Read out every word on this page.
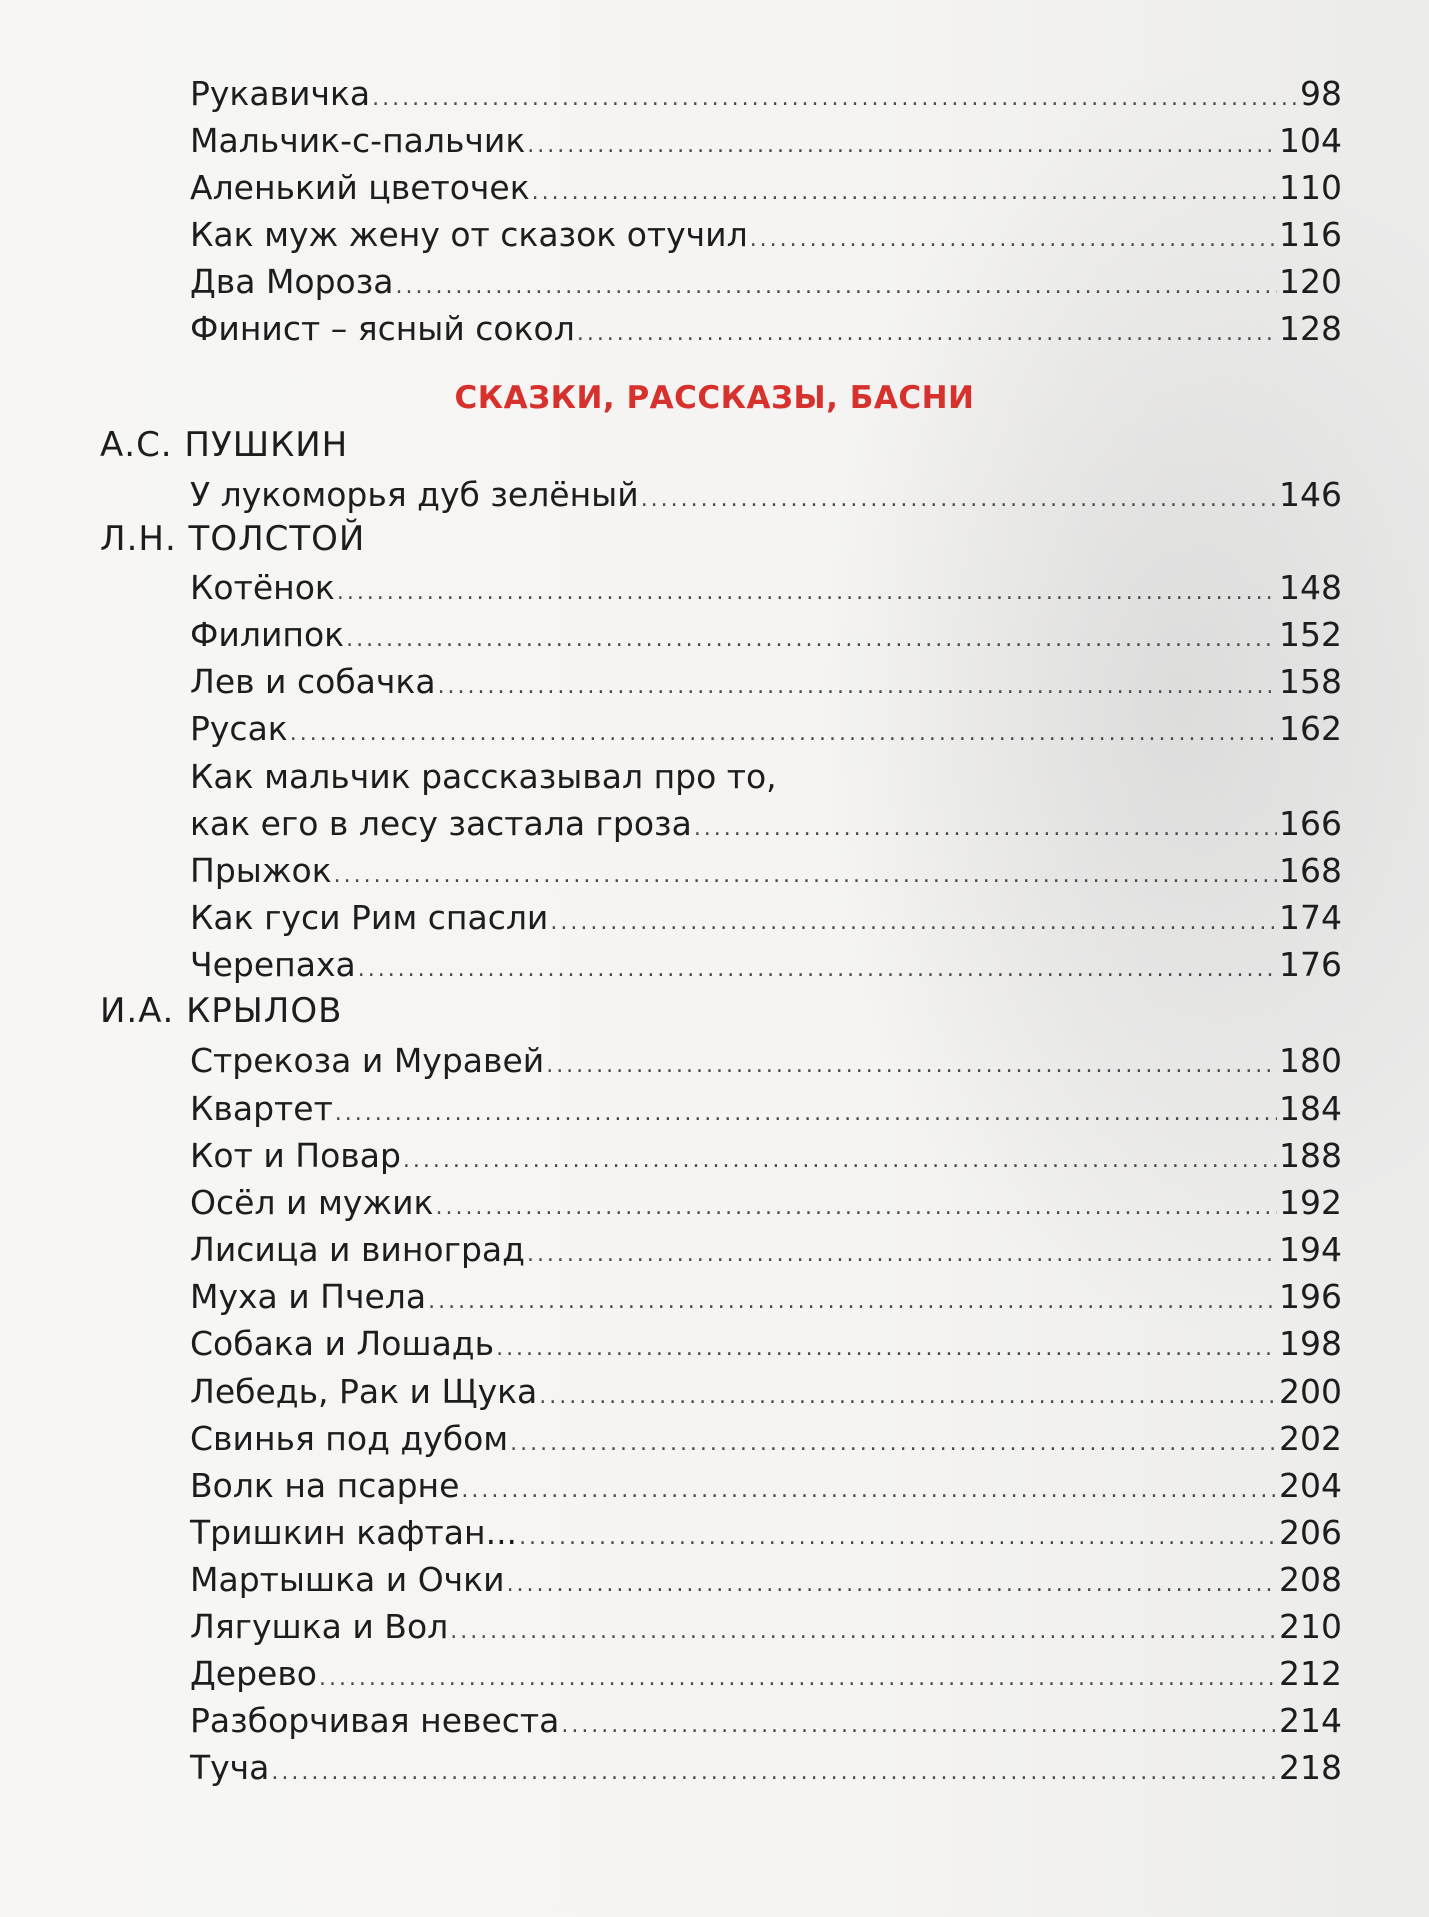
Рукавичка . . .	98
Мальчик-с-пальчик . . .	104
Аленький цветочек . . .	110
Как муж жену от сказок отучил . . .	116
Два Мороза . . .	120
Финист – ясный сокол . . .	128
СКАЗКИ, РАССКАЗЫ, БАСНИ
А.С. ПУШКИН
У лукоморья дуб зелёный . . .	146
Л.Н. ТОЛСТОЙ
Котёнок . . .	148
Филипок . . .	152
Лев и собачка . . .	158
Русак . . .	162
Как мальчик рассказывал про то,
как его в лесу застала гроза . . .	166
Прыжок . . .	168
Как гуси Рим спасли . . .	174
Черепаха . . .	176
И.А. КРЫЛОВ
Стрекоза и Муравей . . .	180
Квартет . . .	184
Кот и Повар . . .	188
Осёл и мужик . . .	192
Лисица и виноград . . .	194
Муха и Пчела . . .	196
Собака и Лошадь . . .	198
Лебедь, Рак и Щука . . .	200
Свинья под дубом . . .	202
Волк на псарне . . .	204
Тришкин кафтан... . . .	206
Мартышка и Очки . . .	208
Лягушка и Вол . . .	210
Дерево . . .	212
Разборчивая невеста . . .	214
Туча . . .	218
